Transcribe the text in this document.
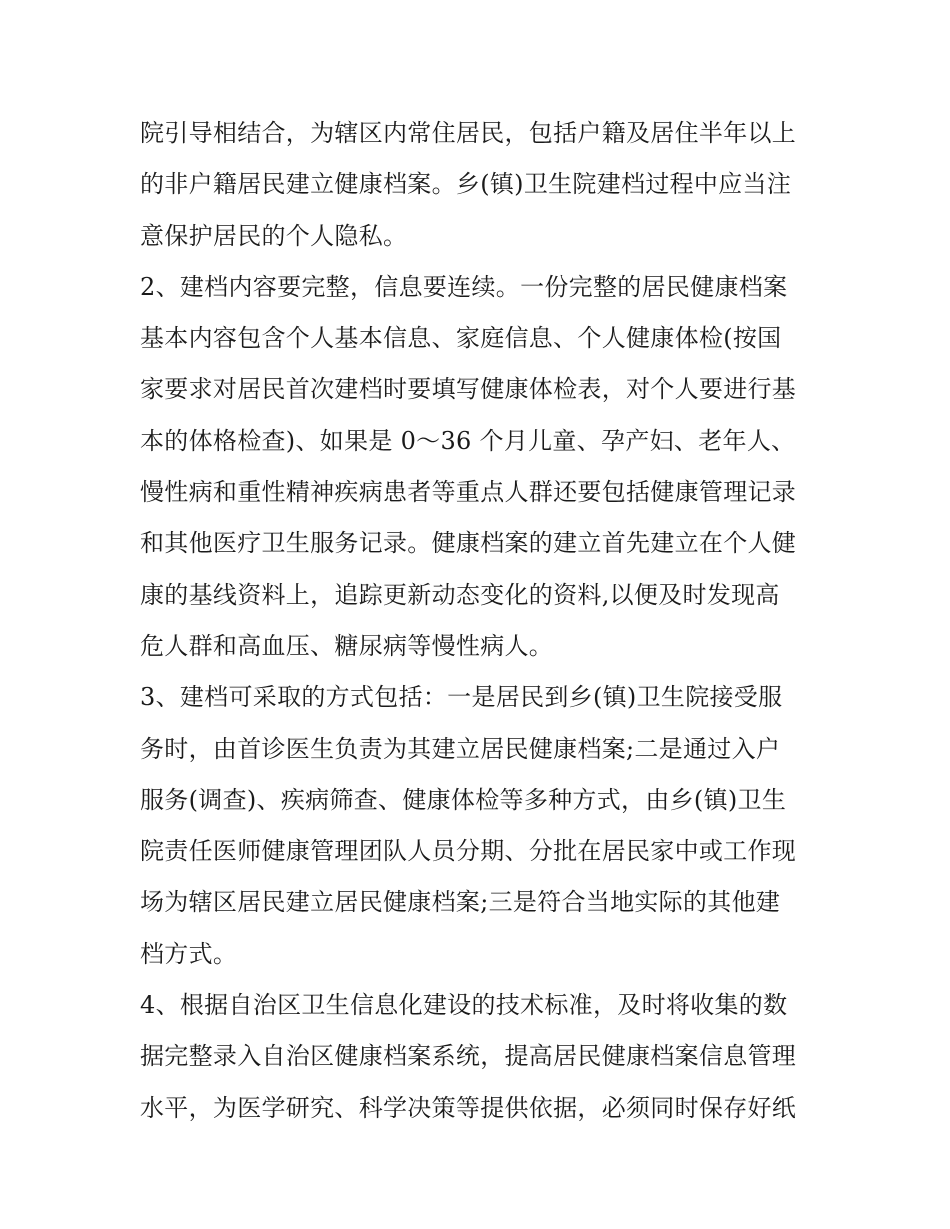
院引导相结合，为辖区内常住居民，包括户籍及居住半年以上
的非户籍居民建立健康档案。乡(镇)卫生院建档过程中应当注
意保护居民的个人隐私。
2、建档内容要完整，信息要连续。一份完整的居民健康档案
基本内容包含个人基本信息、家庭信息、个人健康体检(按国
家要求对居民首次建档时要填写健康体检表，对个人要进行基
本的体格检查)、如果是 0～36 个月儿童、孕产妇、老年人、
慢性病和重性精神疾病患者等重点人群还要包括健康管理记录
和其他医疗卫生服务记录。健康档案的建立首先建立在个人健
康的基线资料上，追踪更新动态变化的资料,以便及时发现高
危人群和高血压、糖尿病等慢性病人。
3、建档可采取的方式包括：一是居民到乡(镇)卫生院接受服
务时，由首诊医生负责为其建立居民健康档案;二是通过入户
服务(调查)、疾病筛查、健康体检等多种方式，由乡(镇)卫生
院责任医师健康管理团队人员分期、分批在居民家中或工作现
场为辖区居民建立居民健康档案;三是符合当地实际的其他建
档方式。
4、根据自治区卫生信息化建设的技术标准，及时将收集的数
据完整录入自治区健康档案系统，提高居民健康档案信息管理
水平，为医学研究、科学决策等提供依据，必须同时保存好纸
